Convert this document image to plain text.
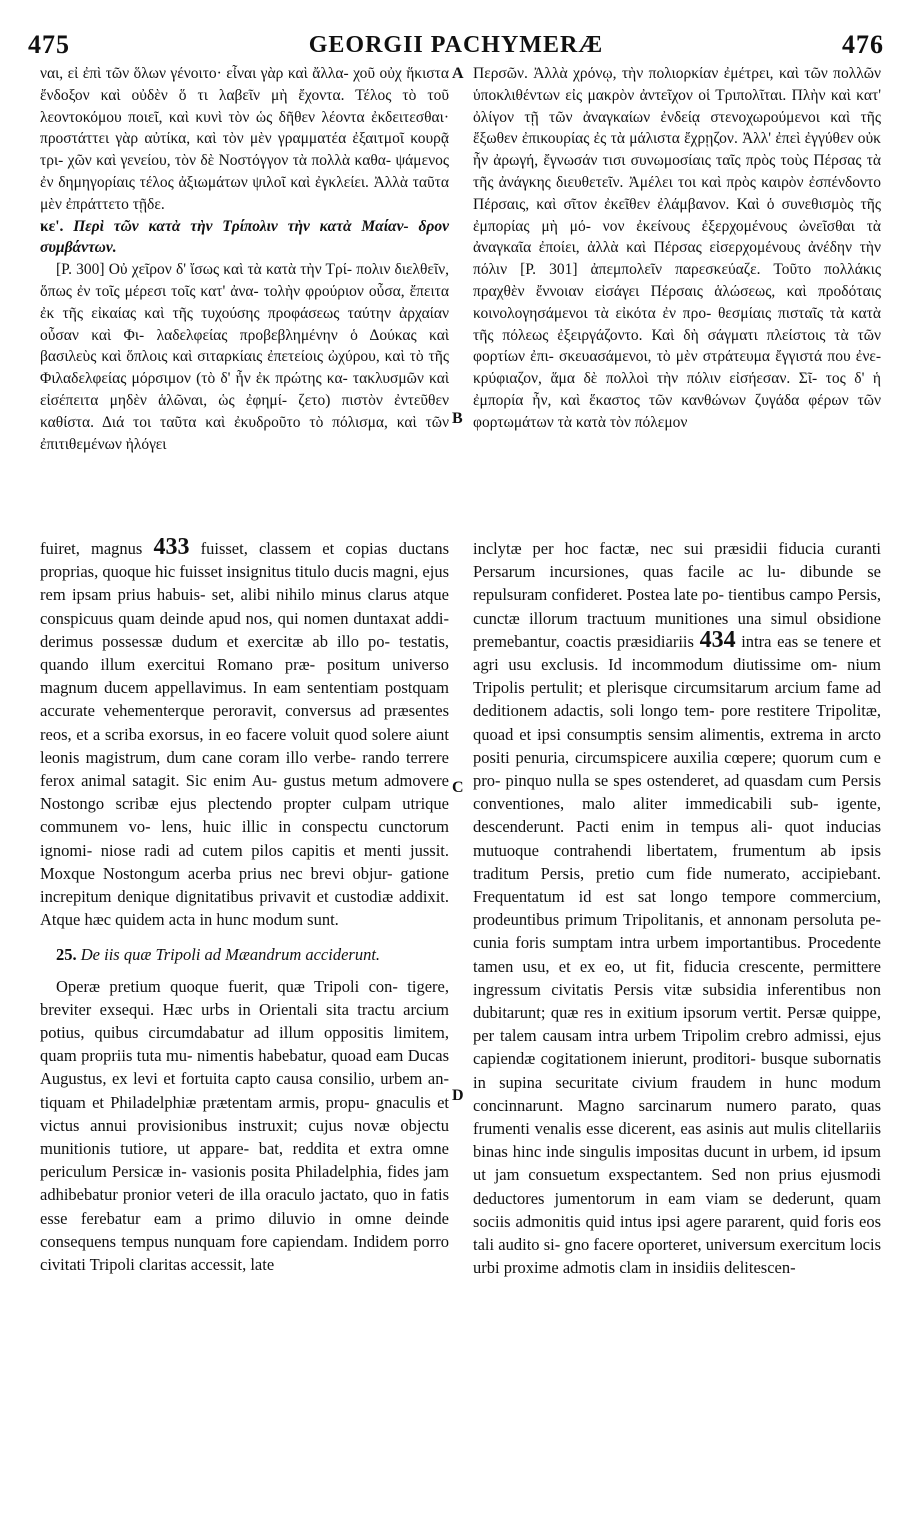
475	GEORGII PACHYMERÆ	476
A
B
C
D

ναι, εἰ ἐπὶ τῶν ὅλων γένοιτο· εἶναι γὰρ καὶ ἄλλα- χοῦ οὐχ ἥκιστα ἔνδοξον καὶ οὐδὲν ὅ τι λαβεῖν μὴ ἔχοντα. Τέλος τὸ τοῦ λεοντοκόμου ποιεῖ, καὶ κυνὶ τὸν ὡς δῆθεν λέοντα ἐκδειτεσθαι· προστάττει γὰρ αὐτίκα, καὶ τὸν μὲν γραμματέα ἐξαιτμοῖ κουρᾷ τρι- χῶν καὶ γενείου, τὸν δὲ Νοστόγγον τὰ πολλὰ καθα- ψάμενος ἐν δημηγορίαις τέλος ἀξιωμάτων ψιλοῖ καὶ ἐγκλείει. Ἀλλὰ ταῦτα μὲν ἐπράττετο τῇδε.

κε'. Περὶ τῶν κατὰ τὴν Τρίπολιν τὴν κατὰ Μαίαν- δρον συμβάντων.

[P. 300] Οὐ χεῖρον δ' ἴσως καὶ τὰ κατὰ τὴν Τρί- πολιν διελθεῖν, ὅπως ἐν τοῖς μέρεσι τοῖς κατ' ἀνα- τολὴν φρούριον οὖσα, ἔπειτα ἐκ τῆς εἰκαίας καὶ τῆς τυχούσης προφάσεως ταύτην ἀρχαίαν οὖσαν καὶ Φι- λαδελφείας προβεβλημένην ὁ Δούκας καὶ βασιλεὺς καὶ ὅπλοις καὶ σιταρκίαις ἐπετείοις ὠχύρου, καὶ τὸ τῆς Φιλαδελφείας μόρσιμον (τὸ δ' ἦν ἐκ πρώτης κα- τακλυσμῶν καὶ εἰσέπειτα μηδὲν ἁλῶναι, ὡς ἐφημί- ζετο) πιστὸν ἐντεῦθεν καθίστα. Διά τοι ταῦτα καὶ ἐκυδροῦτο τὸ πόλισμα, καὶ τῶν ἐπιτιθεμένων ἠλόγει

Περσῶν. Ἀλλὰ χρόνῳ, τὴν πολιορκίαν ἐμέτρει, καὶ τῶν πολλῶν ὑποκλιθέντων εἰς μακρὸν ἀντεῖχον οἱ Τριπολῖται. Πλὴν καὶ κατ' ὀλίγον τῇ τῶν ἀναγκαίων ἐνδείᾳ στενοχωρούμενοι καὶ τῆς ἔξωθεν ἐπικουρίας ἐς τὰ μάλιστα ἔχρῃζον. Ἀλλ' ἐπεὶ ἐγγύθεν οὐκ ἦν ἀρωγή, ἔγνωσάν τισι συνωμοσίαις ταῖς πρὸς τοὺς Πέρσας τὰ τῆς ἀνάγκης διευθετεῖν. Ἀμέλει τοι καὶ πρὸς καιρὸν ἐσπένδοντο Πέρσαις, καὶ σῖτον ἐκεῖθεν ἐλάμβανον. Καὶ ὁ συνεθισμὸς τῆς ἐμπορίας μὴ μό- νον ἐκείνους ἐξερχομένους ὠνεῖσθαι τὰ ἀναγκαῖα ἐποίει, ἀλλὰ καὶ Πέρσας εἰσερχομένους ἀνέδην τὴν πόλιν [P. 301] ἀπεμπολεῖν παρεσκεύαζε. Τοῦτο πολλάκις πραχθὲν ἔννοιαν εἰσάγει Πέρσαις ἁλώσεως, καὶ προδόταις κοινολογησάμενοι τὰ εἰκότα ἐν προ- θεσμίαις πισταῖς τὰ κατὰ τῆς πόλεως ἐξειργάζοντο. Καὶ δὴ σάγματι πλείστοις τὰ τῶν φορτίων ἐπι- σκευασάμενοι, τὸ μὲν στράτευμα ἔγγιστά που ἐνε- κρύφιαζον, ἅμα δὲ πολλοὶ τὴν πόλιν εἰσήεσαν. Σῖ- τος δ' ἡ ἐμπορία ἦν, καὶ ἕκαστος τῶν κανθώνων ζυγάδα φέρων τῶν φορτωμάτων τὰ κατὰ τὸν πόλεμον

fuiret, magnus 433 fuisset, classem et copias ductans proprias, quoque hic fuisset insignitus titulo ducis magni, ejus rem ipsam prius habuis- set, alibi nihilo minus clarus atque conspicuus quam deinde apud nos, qui nomen duntaxat addi- derimus possessæ dudum et exercitæ ab illo po- testatis, quando illum exercitui Romano præ- positum universo magnum ducem appellavimus. In eam sententiam postquam accurate vehementerque peroravit, conversus ad præsentes reos, et a scriba exorsus, in eo facere voluit quod solere aiunt leonis magistrum, dum cane coram illo verbe- rando terrere ferox animal satagit. Sic enim Au- gustus metum admovere Nostongo scribæ ejus plectendo propter culpam utrique communem vo- lens, huic illic in conspectu cunctorum ignomi- niose radi ad cutem pilos capitis et menti jussit. Moxque Nostongum acerba prius nec brevi objur- gatione increpitum denique dignitatibus privavit et custodiæ addixit. Atque hæc quidem acta in hunc modum sunt.

25. De iis quæ Tripoli ad Mæandrum acciderunt.

Operæ pretium quoque fuerit, quæ Tripoli con- tigere, breviter exsequi. Hæc urbs in Orientali sita tractu arcium potius, quibus circumdabatur ad illum oppositis limitem, quam propriis tuta mu- nimentis habebatur, quoad eam Ducas Augustus, ex levi et fortuita capto causa consilio, urbem an- tiquam et Philadelphiæ prætentam armis, propu- gnaculis et victus annui provisionibus instruxit; cujus novæ objectu munitionis tutiore, ut appare- bat, reddita et extra omne periculum Persicæ in- vasionis posita Philadelphia, fides jam adhibebatur pronior veteri de illa oraculo jactato, quo in fatis esse ferebatur eam a primo diluvio in omne deinde consequens tempus nunquam fore capiendam. Indidem porro civitati Tripoli claritas accessit, late

inclytæ per hoc factæ, nec sui præsidii fiducia curanti Persarum incursiones, quas facile ac lu- dibunde se repulsuram confideret. Postea late po- tientibus campo Persis, cunctæ illorum tractuum munitiones una simul obsidione premebantur, coactis præsidiariis 434 intra eas se tenere et agri usu exclusis. Id incommodum diutissime om- nium Tripolis pertulit; et plerisque circumsitarum arcium fame ad deditionem adactis, soli longo tem- pore restitere Tripolitæ, quoad et ipsi consumptis sensim alimentis, extrema in arcto positi penuria, circumspicere auxilia cœpere; quorum cum e pro- pinquo nulla se spes ostenderet, ad quasdam cum Persis conventiones, malo aliter immedicabili sub- igente, descenderunt. Pacti enim in tempus ali- quot inducias mutuoque contrahendi libertatem, frumentum ab ipsis traditum Persis, pretio cum fide numerato, accipiebant. Frequentatum id est sat longo tempore commercium, prodeuntibus primum Tripolitanis, et annonam persoluta pe- cunia foris sumptam intra urbem importantibus. Procedente tamen usu, et ex eo, ut fit, fiducia crescente, permittere ingressum civitatis Persis vitæ subsidia inferentibus non dubitarunt; quæ res in exitium ipsorum vertit. Persæ quippe, per talem causam intra urbem Tripolim crebro admissi, ejus capiendæ cogitationem inierunt, proditori- busque subornatis in supina securitate civium fraudem in hunc modum concinnarunt. Magno sarcinarum numero parato, quas frumenti venalis esse dicerent, eas asinis aut mulis clitellariis binas hinc inde singulis impositas ducunt in urbem, id ipsum ut jam consuetum exspectantem. Sed non prius ejusmodi deductores jumentorum in eam viam se dederunt, quam sociis admonitis quid intus ipsi agere pararent, quid foris eos tali audito si- gno facere oporteret, universum exercitum locis urbi proxime admotis clam in insidiis delitescen-
